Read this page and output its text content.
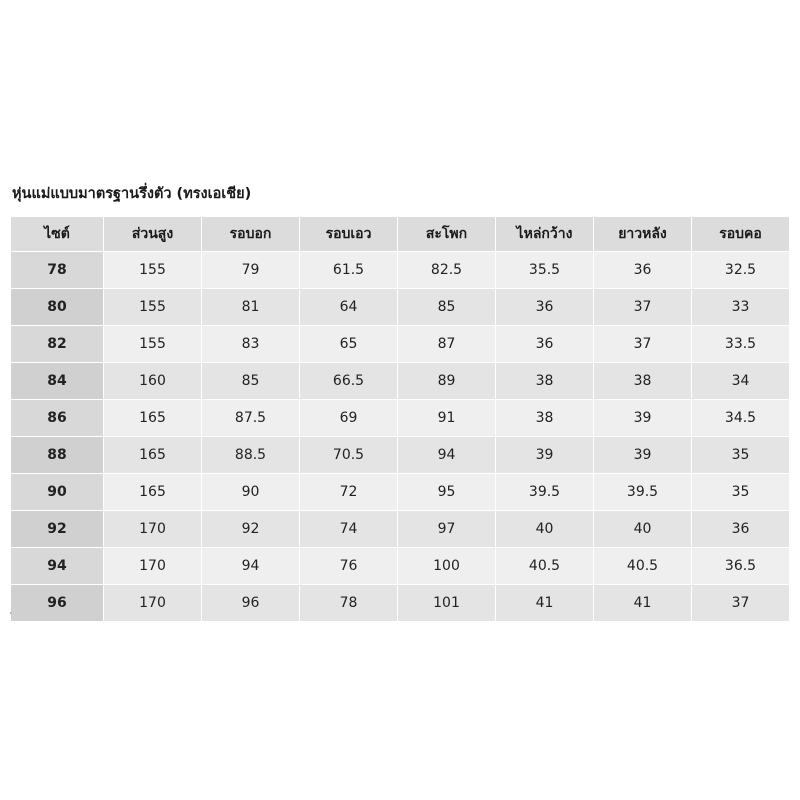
หุ่นแม่แบบมาตรฐานรึ่งตัว (ทรงเอเชีย)
ไซต์	ส่วนสูง	รอบอก	รอบเอว	สะโพก	ไหล่กว้าง	ยาวหลัง	รอบคอ
78	155	79	61.5	82.5	35.5	36	32.5
80	155	81	64	85	36	37	33
82	155	83	65	87	36	37	33.5
84	160	85	66.5	89	38	38	34
86	165	87.5	69	91	38	39	34.5
88	165	88.5	70.5	94	39	39	35
90	165	90	72	95	39.5	39.5	35
92	170	92	74	97	40	40	36
94	170	94	76	100	40.5	40.5	36.5
96	170	96	78	101	41	41	37
